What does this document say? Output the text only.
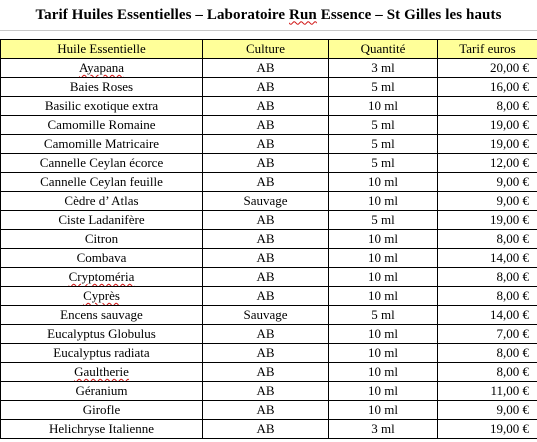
Tarif Huiles Essentielles – Laboratoire Run Essence – St Gilles les hauts
Huile Essentielle	Culture	Quantité	Tarif euros
Ayapana	AB	3 ml	20,00 €
Baies Roses	AB	5 ml	16,00 €
Basilic exotique extra	AB	10 ml	8,00 €
Camomille Romaine	AB	5 ml	19,00 €
Camomille Matricaire	AB	5 ml	19,00 €
Cannelle Ceylan écorce	AB	5 ml	12,00 €
Cannelle Ceylan feuille	AB	10 ml	9,00 €
Cèdre d’ Atlas	Sauvage	10 ml	9,00 €
Ciste Ladanifère	AB	5 ml	19,00 €
Citron	AB	10 ml	8,00 €
Combava	AB	10 ml	14,00 €
Cryptoméria	AB	10 ml	8,00 €
Cyprès	AB	10 ml	8,00 €
Encens sauvage	Sauvage	5 ml	14,00 €
Eucalyptus Globulus	AB	10 ml	7,00 €
Eucalyptus radiata	AB	10 ml	8,00 €
Gaultherie	AB	10 ml	8,00 €
Géranium	AB	10 ml	11,00 €
Girofle	AB	10 ml	9,00 €
Helichryse Italienne	AB	3 ml	19,00 €
